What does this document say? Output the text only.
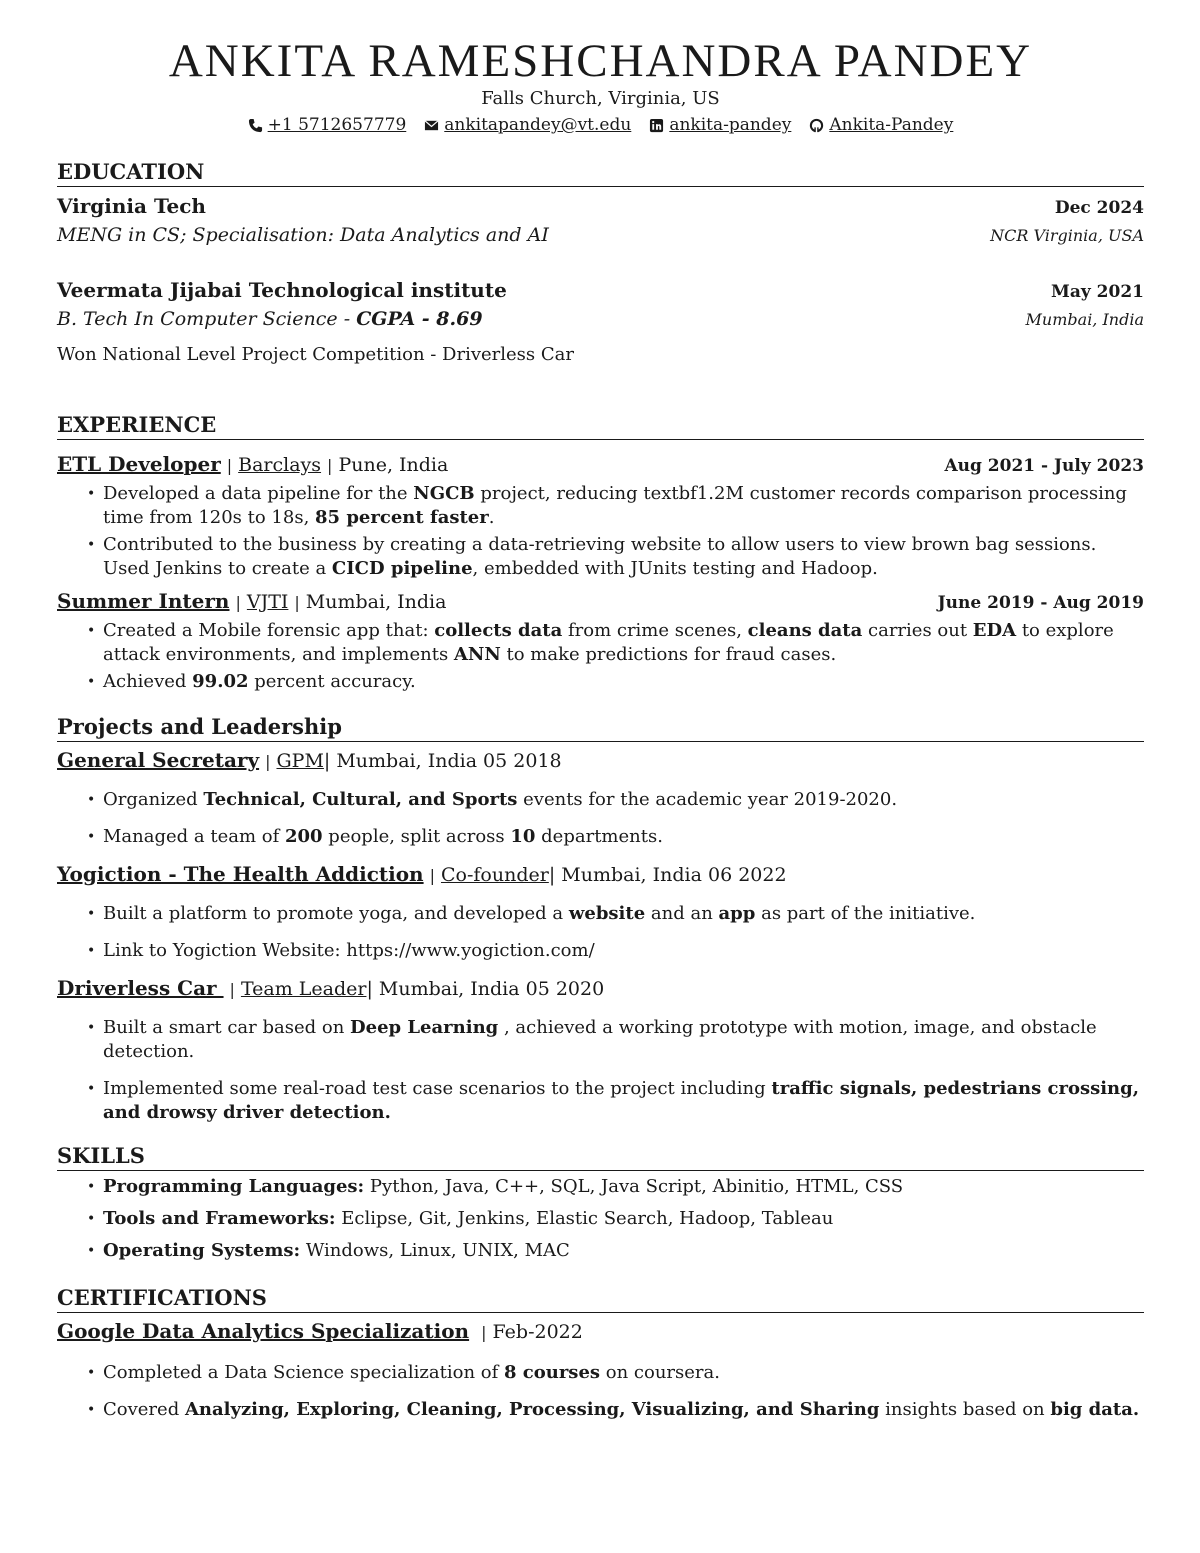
ANKITA RAMESHCHANDRA PANDEY
Falls Church, Virginia, US
+1 5712657779 ankitapandey@vt.edu ankita-pandey Ankita-Pandey
EDUCATION
Virginia Tech	Dec 2024
MENG in CS; Specialisation: Data Analytics and AI	NCR Virginia, USA
Veermata Jijabai Technological institute	May 2021
B. Tech In Computer Science - CGPA - 8.69	Mumbai, India
Won National Level Project Competition - Driverless Car
EXPERIENCE
ETL Developer | Barclays | Pune, India	Aug 2021 - July 2023
• Developed a data pipeline for the NGCB project, reducing textbf1.2M customer records comparison processing time from 120s to 18s, 85 percent faster.
• Contributed to the business by creating a data-retrieving website to allow users to view brown bag sessions. Used Jenkins to create a CICD pipeline, embedded with JUnits testing and Hadoop.
Summer Intern | VJTI | Mumbai, India	June 2019 - Aug 2019
• Created a Mobile forensic app that: collects data from crime scenes, cleans data carries out EDA to explore attack environments, and implements ANN to make predictions for fraud cases.
• Achieved 99.02 percent accuracy.
Projects and Leadership
General Secretary | GPM| Mumbai, India 05 2018
• Organized Technical, Cultural, and Sports events for the academic year 2019-2020.
• Managed a team of 200 people, split across 10 departments.
Yogiction - The Health Addiction | Co-founder| Mumbai, India 06 2022
• Built a platform to promote yoga, and developed a website and an app as part of the initiative.
• Link to Yogiction Website: https://www.yogiction.com/
Driverless Car | Team Leader| Mumbai, India 05 2020
• Built a smart car based on Deep Learning , achieved a working prototype with motion, image, and obstacle detection.
• Implemented some real-road test case scenarios to the project including traffic signals, pedestrians crossing, and drowsy driver detection.
SKILLS
• Programming Languages: Python, Java, C++, SQL, Java Script, Abinitio, HTML, CSS
• Tools and Frameworks: Eclipse, Git, Jenkins, Elastic Search, Hadoop, Tableau
• Operating Systems: Windows, Linux, UNIX, MAC
CERTIFICATIONS
Google Data Analytics Specialization | Feb-2022
• Completed a Data Science specialization of 8 courses on coursera.
• Covered Analyzing, Exploring, Cleaning, Processing, Visualizing, and Sharing insights based on big data.
